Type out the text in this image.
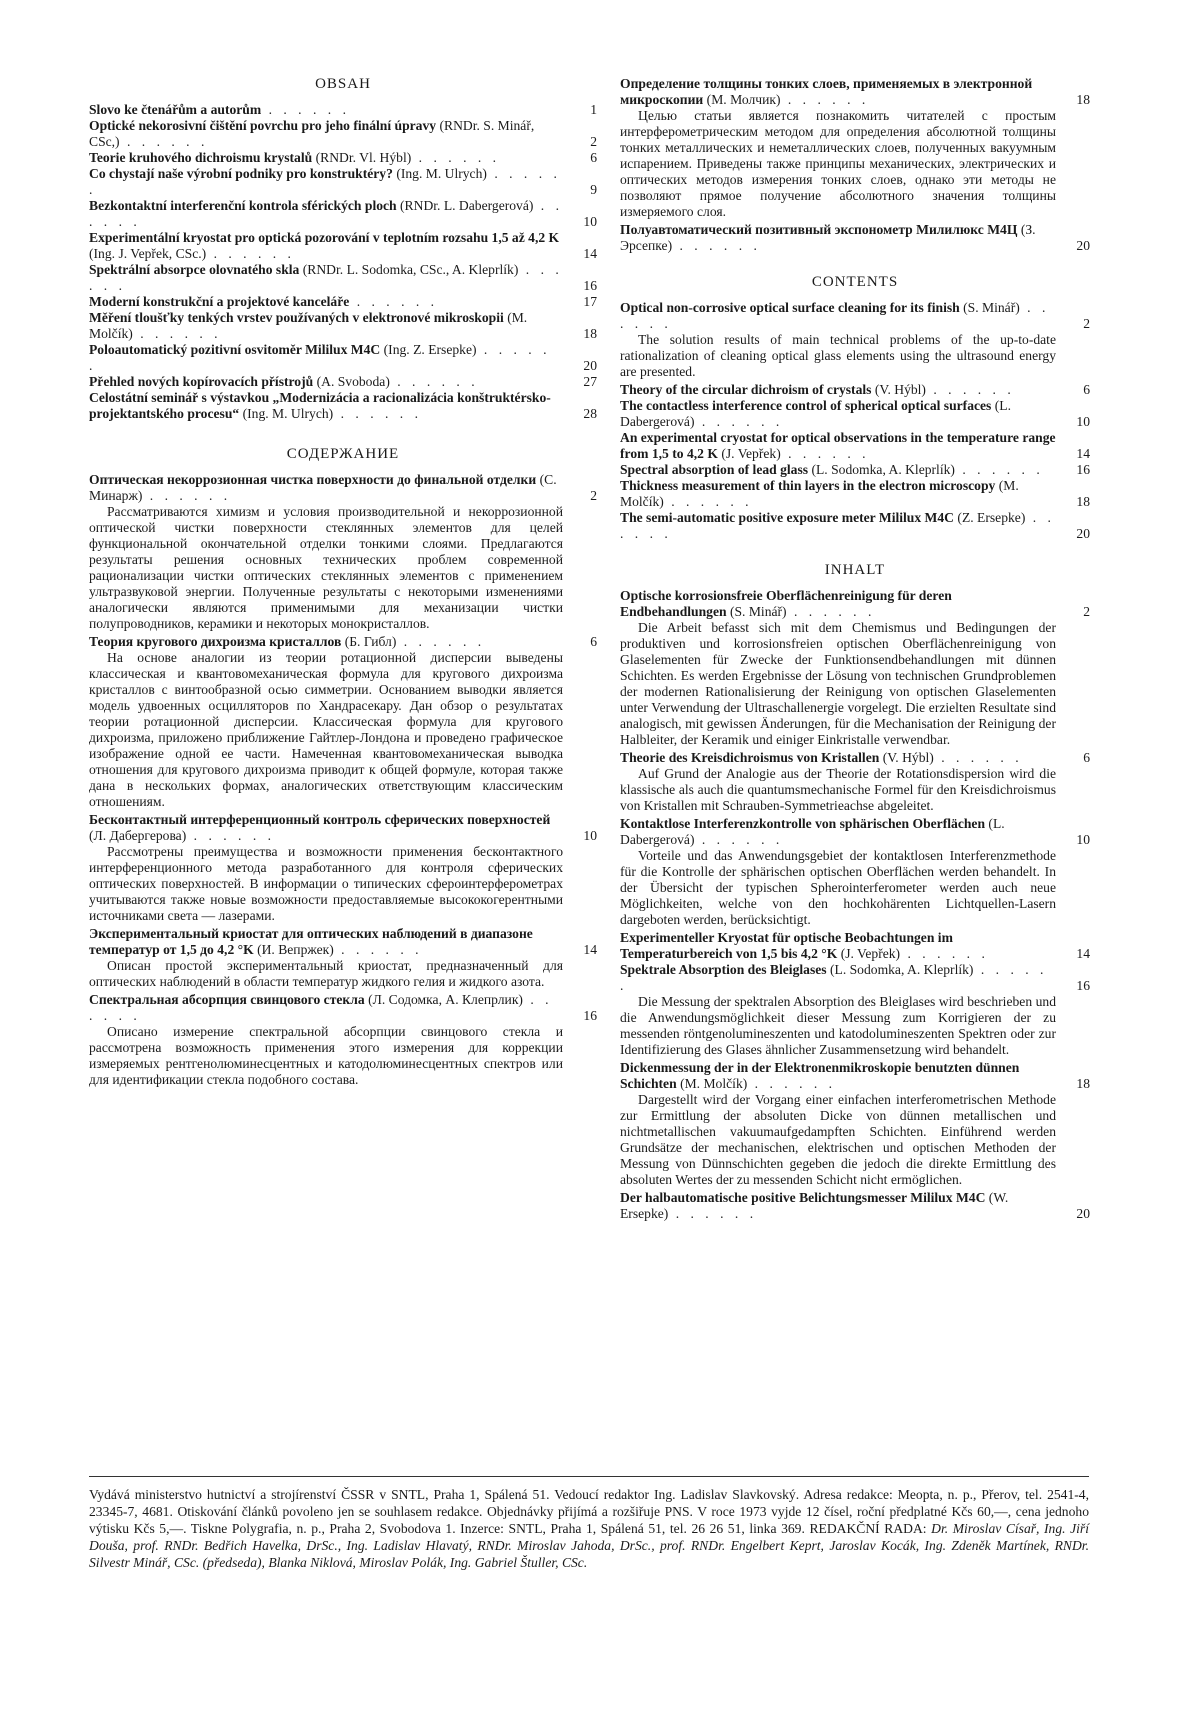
OBSAH
Slovo ke čtenářům a autorům . . . . . .	1
Optické nekorosivní čištění povrchu pro jeho finální úpravy (RNDr. S. Minář, CSc,) . . . . . .	2
Teorie kruhového dichroismu krystalů (RNDr. Vl. Hýbl) . . . . . .	6
Co chystají naše výrobní podniky pro konstruktéry? (Ing. M. Ulrych) . . . . . .	9
Bezkontaktní interferenční kontrola sférických ploch (RNDr. L. Dabergerová) . . . . . .	10
Experimentální kryostat pro optická pozorování v teplotním rozsahu 1,5 až 4,2 K (Ing. J. Vepřek, CSc.) . . . . . .	14
Spektrální absorpce olovnatého skla (RNDr. L. Sodomka, CSc., A. Kleprlík) . . . . . .	16
Moderní konstrukční a projektové kanceláře . . . . . .	17
Měření tloušťky tenkých vrstev používaných v elektronové mikroskopii (M. Molčík) . . . . . .	18
Poloautomatický pozitivní osvitoměr Mililux M4C (Ing. Z. Ersepke) . . . . . .	20
Přehled nových kopírovacích přístrojů (A. Svoboda) . . . . . .	27
Celostátní seminář s výstavkou „Modernizácia a racionalizácia konštruktérsko-projektantského procesu“ (Ing. M. Ulrych) . . . . . .	28
СОДЕРЖАНИЕ
Оптическая некоррозионная чистка поверхности до финальной отделки (С. Минарж) . . . . . .	2
Рассматриваются химизм и условия производительной и некоррозионной оптической чистки поверхности стеклянных элементов для целей функциональной окончательной отделки тонкими слоями. Предлагаются результаты решения основных технических проблем современной рационализации чистки оптических стеклянных элементов с применением ультразвуковой энергии. Полученные результаты с некоторыми изменениями аналогически являются применимыми для механизации чистки полупроводников, керамики и некоторых монокристаллов.
Теория кругового дихроизма кристаллов (Б. Гибл) . . . . . .	6
На основе аналогии из теории ротационной дисперсии выведены классическая и квантовомеханическая формула для кругового дихроизма кристаллов с винтообразной осью симметрии. Основанием выводки является модель удвоенных осцилляторов по Хандрасекару. Дан обзор о результатах теории ротационной дисперсии. Классическая формула для кругового дихроизма, приложено приближение Гайтлер-Лондона и проведено графическое изображение одной ее части. Намеченная квантовомеханическая выводка отношения для кругового дихроизма приводит к общей формуле, которая также дана в нескольких формах, аналогических ответствующим классическим отношениям.
Бесконтактный интерференционный контроль сферических поверхностей (Л. Дабергерова) . . . . . .	10
Рассмотрены преимущества и возможности применения бесконтактного интерференционного метода разработанного для контроля сферических оптических поверхностей. В информации о типических сфероинтерферометрах учитываются также новые возможности предоставляемые высококогерентными источниками света — лазерами.
Экспериментальный криостат для оптических наблюдений в диапазоне температур от 1,5 до 4,2 °K (И. Вепржек) . . . . . .	14
Описан простой экспериментальный криостат, предназначенный для оптических наблюдений в области температур жидкого гелия и жидкого азота.
Спектральная абсорпция свинцового стекла (Л. Содомка, А. Клепрлик) . . . . . .	16
Описано измерение спектральной абсорпции свинцового стекла и рассмотрена возможность применения этого измерения для коррекции измеряемых рентгенолюминесцентных и катодолюминесцентных спектров или для идентификации стекла подобного состава.
Определение толщины тонких слоев, применяемых в электронной микроскопии (М. Молчик) . . . . . .	18
Целью статьи является познакомить читателей с простым интерферометрическим методом для определения абсолютной толщины тонких металлических и неметаллических слоев, полученных вакуумным испарением. Приведены также принципы механических, электрических и оптических методов измерения тонких слоев, однако эти методы не позволяют прямое получение абсолютного значения толщины измеряемого слоя.
Полуавтоматический позитивный экспонометр Милилюкс М4Ц (З. Эрсепке) . . . . . .	20
CONTENTS
Optical non-corrosive optical surface cleaning for its finish (S. Minář) . . . . . .	2
The solution results of main technical problems of the up-to-date rationalization of cleaning optical glass elements using the ultrasound energy are presented.
Theory of the circular dichroism of crystals (V. Hýbl) . . . . . .	6
The contactless interference control of spherical optical surfaces (L. Dabergerová) . . . . . .	10
An experimental cryostat for optical observations in the temperature range from 1,5 to 4,2 K (J. Vepřek) . . . . . .	14
Spectral absorption of lead glass (L. Sodomka, A. Kleprlík) . . . . . .	16
Thickness measurement of thin layers in the electron microscopy (M. Molčík) . . . . . .	18
The semi-automatic positive exposure meter Mililux M4C (Z. Ersepke) . . . . . .	20
INHALT
Optische korrosionsfreie Oberflächenreinigung für deren Endbehandlungen (S. Minář) . . . . . .	2
Die Arbeit befasst sich mit dem Chemismus und Bedingungen der produktiven und korrosionsfreien optischen Oberflächenreinigung von Glaselementen für Zwecke der Funktionsendbehandlungen mit dünnen Schichten. Es werden Ergebnisse der Lösung von technischen Grundproblemen der modernen Rationalisierung der Reinigung von optischen Glaselementen unter Verwendung der Ultraschallenergie vorgelegt. Die erzielten Resultate sind analogisch, mit gewissen Änderungen, für die Mechanisation der Reinigung der Halbleiter, der Keramik und einiger Einkristalle verwendbar.
Theorie des Kreisdichroismus von Kristallen (V. Hýbl) . . . . . .	6
Auf Grund der Analogie aus der Theorie der Rotationsdispersion wird die klassische als auch die quantumsmechanische Formel für den Kreisdichroismus von Kristallen mit Schrauben-Symmetrieachse abgeleitet.
Kontaktlose Interferenzkontrolle von sphärischen Oberflächen (L. Dabergerová) . . . . . .	10
Vorteile und das Anwendungsgebiet der kontaktlosen Interferenzmethode für die Kontrolle der sphärischen optischen Oberflächen werden behandelt. In der Übersicht der typischen Spherointerferometer werden auch neue Möglichkeiten, welche von den hochkohärenten Lichtquellen-Lasern dargeboten werden, berücksichtigt.
Experimenteller Kryostat für optische Beobachtungen im Temperaturbereich von 1,5 bis 4,2 °K (J. Vepřek) . . . . . .	14
Spektrale Absorption des Bleiglases (L. Sodomka, A. Kleprlík) . . . . . .	16
Die Messung der spektralen Absorption des Bleiglases wird beschrieben und die Anwendungsmöglichkeit dieser Messung zum Korrigieren der zu messenden röntgenolumineszenten und katodolumineszenten Spektren oder zur Identifizierung des Glases ähnlicher Zusammensetzung wird behandelt.
Dickenmessung der in der Elektronenmikroskopie benutzten dünnen Schichten (M. Molčík) . . . . . .	18
Dargestellt wird der Vorgang einer einfachen interferometrischen Methode zur Ermittlung der absoluten Dicke von dünnen metallischen und nichtmetallischen vakuumaufgedampften Schichten. Einführend werden Grundsätze der mechanischen, elektrischen und optischen Methoden der Messung von Dünnschichten gegeben die jedoch die direkte Ermittlung des absoluten Wertes der zu messenden Schicht nicht ermöglichen.
Der halbautomatische positive Belichtungsmesser Mililux M4C (W. Ersepke) . . . . . .	20
Vydává ministerstvo hutnictví a strojírenství ČSSR v SNTL, Praha 1, Spálená 51. Vedoucí redaktor Ing. Ladislav Slavkovský. Adresa redakce: Meopta, n. p., Přerov, tel. 2541-4, 23345-7, 4681. Otiskování článků povoleno jen se souhlasem redakce. Objednávky přijímá a rozšiřuje PNS. V roce 1973 vyjde 12 čísel, roční předplatné Kčs 60,—, cena jednoho výtisku Kčs 5,—. Tiskne Polygrafia, n. p., Praha 2, Svobodova 1. Inzerce: SNTL, Praha 1, Spálená 51, tel. 26 26 51, linka 369. REDAKČNÍ RADA: Dr. Miroslav Císař, Ing. Jiří Douša, prof. RNDr. Bedřich Havelka, DrSc., Ing. Ladislav Hlavatý, RNDr. Miroslav Jahoda, DrSc., prof. RNDr. Engelbert Keprt, Jaroslav Kocák, Ing. Zdeněk Martínek, RNDr. Silvestr Minář, CSc. (předseda), Blanka Niklová, Miroslav Polák, Ing. Gabriel Štuller, CSc.
